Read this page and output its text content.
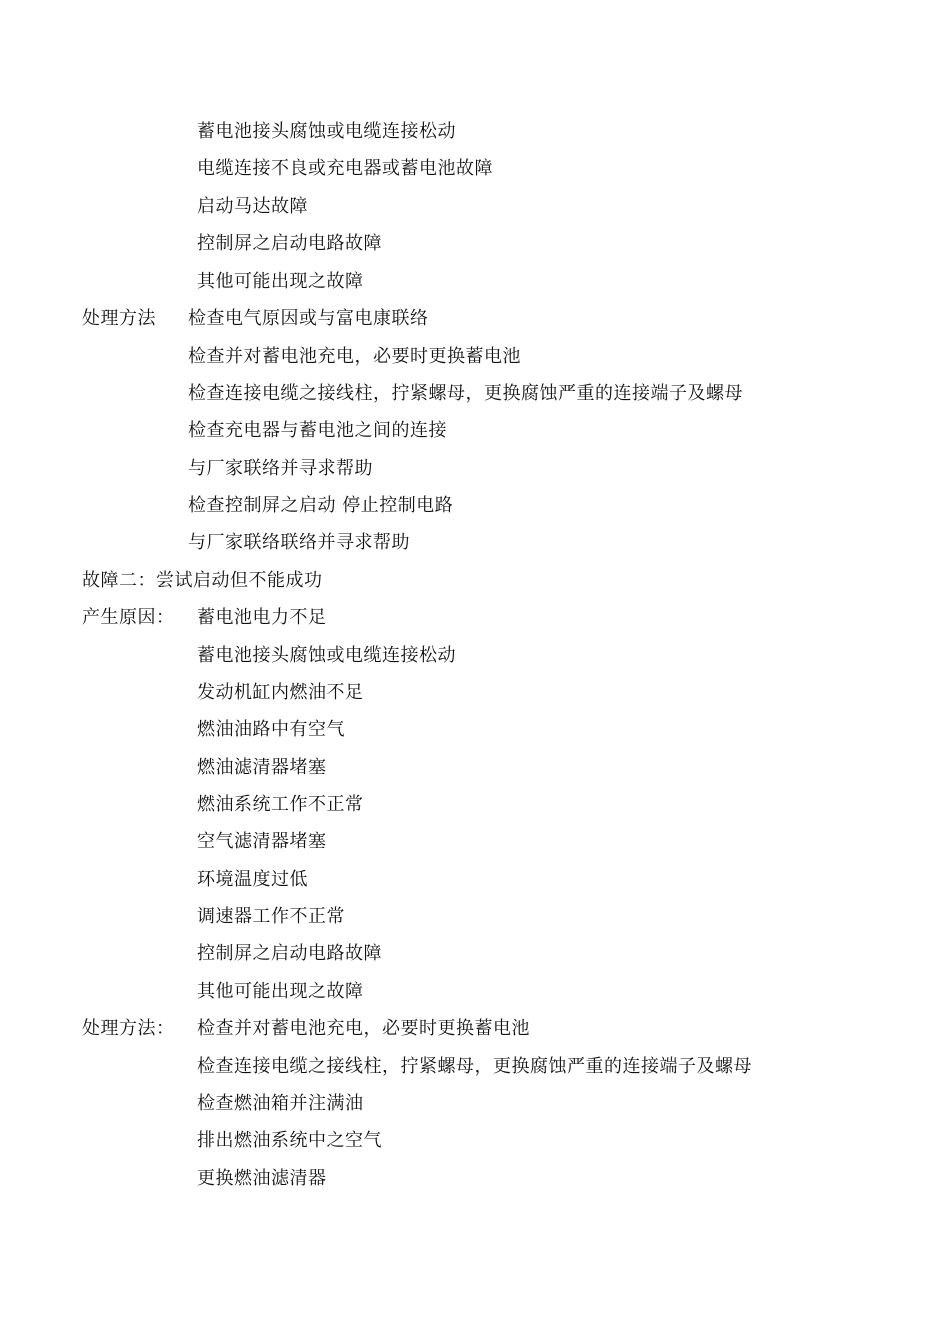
蓄电池接头腐蚀或电缆连接松动
电缆连接不良或充电器或蓄电池故障
启动马达故障
控制屏之启动电路故障
其他可能出现之故障
处理方法 检查电气原因或与富电康联络
检查并对蓄电池充电，必要时更换蓄电池
检查连接电缆之接线柱，拧紧螺母，更换腐蚀严重的连接端子及螺母
检查充电器与蓄电池之间的连接
与厂家联络并寻求帮助
检查控制屏之启动 停止控制电路
与厂家联络联络并寻求帮助
故障二：尝试启动但不能成功
产生原因： 蓄电池电力不足
蓄电池接头腐蚀或电缆连接松动
发动机缸内燃油不足
燃油油路中有空气
燃油滤清器堵塞
燃油系统工作不正常
空气滤清器堵塞
环境温度过低
调速器工作不正常
控制屏之启动电路故障
其他可能出现之故障
处理方法： 检查并对蓄电池充电，必要时更换蓄电池
检查连接电缆之接线柱，拧紧螺母，更换腐蚀严重的连接端子及螺母
检查燃油箱并注满油
排出燃油系统中之空气
更换燃油滤清器
